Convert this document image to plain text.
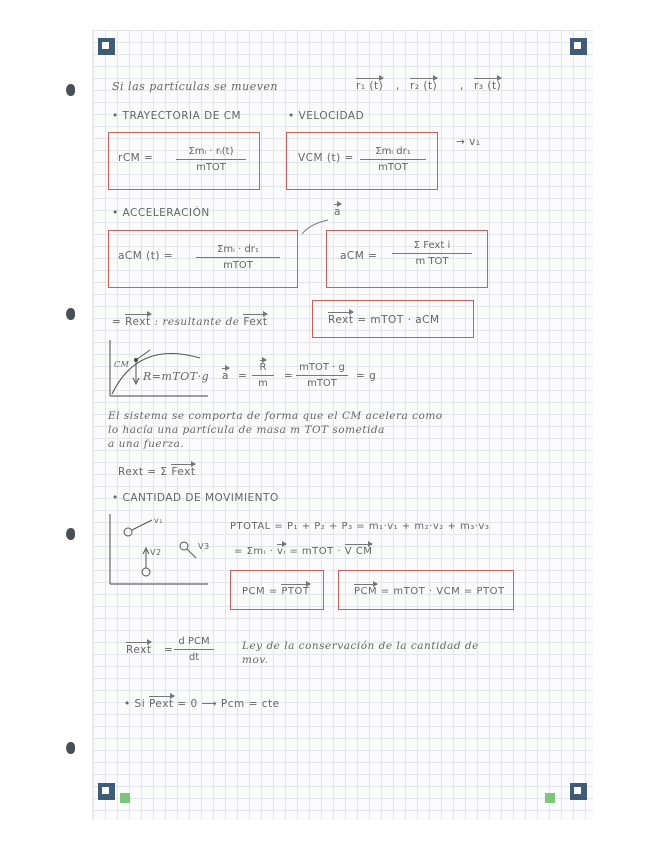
Si las partículas se mueven	r₁ (t) , r₂ (t) , r₃ (t)
• TRAYECTORIA DE CM	• VELOCIDAD
rCM =
Σmᵢ · rᵢ(t)
mTOT
VCM (t) =
Σmᵢ dr₁
mTOT
→ v₁
• ACCELERACIÓN	a
aCM (t) =
Σmᵢ · dr₁
mTOT
aCM =
Σ Fext i
m TOT
= Rext : resultante de Fext	Rext = mTOT · aCM
CM
R=mTOT·g a =
R
m
=
mTOT · g
mTOT
= g
El sistema se comporta de forma que el CM acelera como
lo hacía una partícula de masa m TOT sometida
a una fuerza.
Rext = Σ Fext
• CANTIDAD DE MOVIMIENTO
v₁
V2
V3
PTOTAL = P₁ + P₂ + P₃ = m₁·v₁ + m₂·v₂ + m₃·v₃
= Σmᵢ · vᵢ = mTOT · V CM
PCM = PTOT	PCM = mTOT · VCM = PTOT
Rext =
d PCM
dt
Ley de la conservación de la cantidad de
mov.
• Si Pext = 0 ⟶ Pcm = cte
